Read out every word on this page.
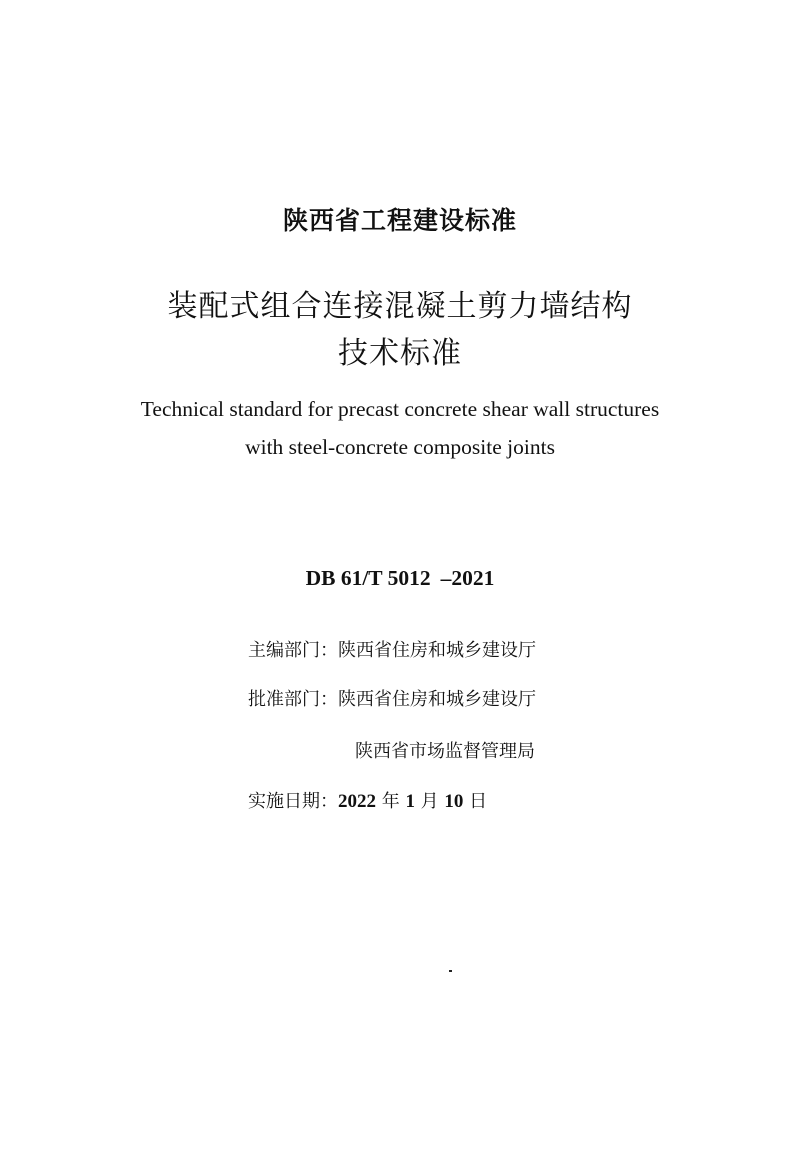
陕西省工程建设标准
装配式组合连接混凝土剪力墙结构
技术标准
Technical standard for precast concrete shear wall structures
with steel-concrete composite joints
DB 61/T 5012 –2021
主编部门：陕西省住房和城乡建设厅
批准部门：陕西省住房和城乡建设厅
陕西省市场监督管理局
实施日期：2022 年 1 月 10 日
